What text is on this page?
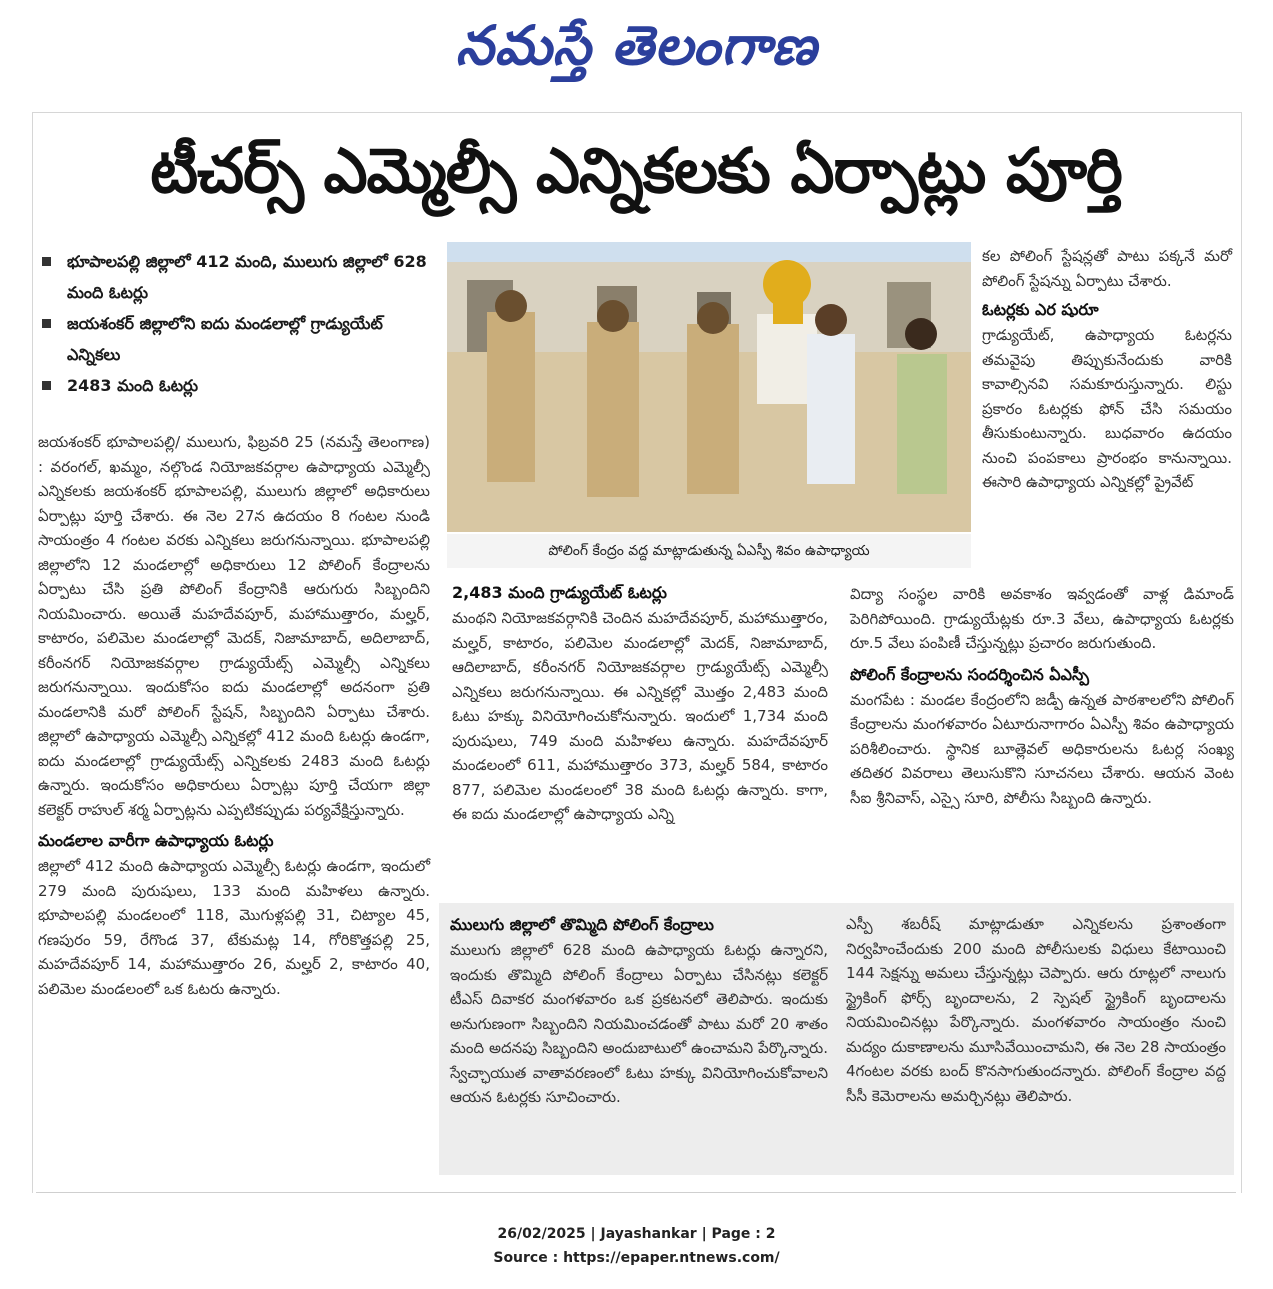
నమస్తే తెలంగాణ
టీచర్స్ ఎమ్మెల్సీ ఎన్నికలకు ఏర్పాట్లు పూర్తి
భూపాలపల్లి జిల్లాలో 412 మంది, ములుగు జిల్లాలో 628 మంది ఓటర్లు
జయశంకర్ జిల్లాలోని ఐదు మండలాల్లో గ్రాడ్యుయేట్ ఎన్నికలు
2483 మంది ఓటర్లు

జయశంకర్ భూపాలపల్లి/ ములుగు, ఫిబ్రవరి 25 (నమస్తే తెలంగాణ) : వరంగల్, ఖమ్మం, నల్గొండ నియోజకవర్గాల ఉపాధ్యాయ ఎమ్మెల్సీ ఎన్నికలకు జయశంకర్ భూపాలపల్లి, ములుగు జిల్లాలో అధికారులు ఏర్పాట్లు పూర్తి చేశారు. ఈ నెల 27న ఉదయం 8 గంటల నుండి సాయంత్రం 4 గంటల వరకు ఎన్నికలు జరుగనున్నాయి. భూపాలపల్లి జిల్లాలోని 12 మండలాల్లో అధికారులు 12 పోలింగ్ కేంద్రాలను ఏర్పాటు చేసి ప్రతి పోలింగ్ కేంద్రానికి ఆరుగురు సిబ్బందిని నియమించారు. అయితే మహదేవపూర్, మహాముత్తారం, మల్హర్, కాటారం, పలిమెల మండలాల్లో మెదక్, నిజామాబాద్, అదిలాబాద్, కరీంనగర్ నియోజకవర్గాల గ్రాడ్యుయేట్స్ ఎమ్మెల్సీ ఎన్నికలు జరుగనున్నాయి. ఇందుకోసం ఐదు మండలాల్లో అదనంగా ప్రతి మండలానికి మరో పోలింగ్ స్టేషన్, సిబ్బందిని ఏర్పాటు చేశారు. జిల్లాలో ఉపాధ్యాయ ఎమ్మెల్సీ ఎన్నికల్లో 412 మంది ఓటర్లు ఉండగా, ఐదు మండలాల్లో గ్రాడ్యుయేట్స్ ఎన్నికలకు 2483 మంది ఓటర్లు ఉన్నారు. ఇందుకోసం అధికారులు ఏర్పాట్లు పూర్తి చేయగా జిల్లా కలెక్టర్ రాహుల్ శర్మ ఏర్పాట్లను ఎప్పటికప్పుడు పర్యవేక్షిస్తున్నారు.

మండలాల వారీగా ఉపాధ్యాయ ఓటర్లు

జిల్లాలో 412 మంది ఉపాధ్యాయ ఎమ్మెల్సీ ఓటర్లు ఉండగా, ఇందులో 279 మంది పురుషులు, 133 మంది మహిళలు ఉన్నారు. భూపాలపల్లి మండలంలో 118, మొగుళ్లపల్లి 31, చిట్యాల 45, గణపురం 59, రేగొండ 37, టేకుమట్ల 14, గోరికొత్తపల్లి 25, మహదేవపూర్ 14, మహాముత్తారం 26, మల్హర్ 2, కాటారం 40, పలిమెల మండలంలో ఒక ఓటరు ఉన్నారు.

పోలింగ్ కేంద్రం వద్ద మాట్లాడుతున్న ఏఎస్పీ శివం ఉపాధ్యాయ
2,483 మంది గ్రాడ్యుయేట్ ఓటర్లు

మంథని నియోజకవర్గానికి చెందిన మహదేవపూర్, మహాముత్తారం, మల్హర్, కాటారం, పలిమెల మండలాల్లో మెదక్, నిజామాబాద్, ఆదిలాబాద్, కరీంనగర్ నియోజకవర్గాల గ్రాడ్యుయేట్స్ ఎమ్మెల్సీ ఎన్నికలు జరుగనున్నాయి. ఈ ఎన్నికల్లో మొత్తం 2,483 మంది ఓటు హక్కు వినియోగించుకోనున్నారు. ఇందులో 1,734 మంది పురుషులు, 749 మంది మహిళలు ఉన్నారు. మహదేవపూర్ మండలంలో 611, మహాముత్తారం 373, మల్హర్ 584, కాటారం 877, పలిమెల మండలంలో 38 మంది ఓటర్లు ఉన్నారు. కాగా, ఈ ఐదు మండలాల్లో ఉపాధ్యాయ ఎన్ని

కల పోలింగ్ స్టేషన్లతో పాటు పక్కనే మరో పోలింగ్ స్టేషన్ను ఏర్పాటు చేశారు.

ఓటర్లకు ఎర షురూ

గ్రాడ్యుయేట్, ఉపాధ్యాయ ఓటర్లను తమవైపు తిప్పుకునేందుకు వారికి కావాల్సినవి సమకూరుస్తున్నారు. లిస్టు ప్రకారం ఓటర్లకు ఫోన్ చేసి సమయం తీసుకుంటున్నారు. బుధవారం ఉదయం నుంచి పంపకాలు ప్రారంభం కానున్నాయి. ఈసారి ఉపాధ్యాయ ఎన్నికల్లో ప్రైవేట్

విద్యా సంస్థల వారికి అవకాశం ఇవ్వడంతో వాళ్ల డిమాండ్ పెరిగిపోయింది. గ్రాడ్యుయేట్లకు రూ.3 వేలు, ఉపాధ్యాయ ఓటర్లకు రూ.5 వేలు పంపిణీ చేస్తున్నట్లు ప్రచారం జరుగుతుంది.

పోలింగ్ కేంద్రాలను సందర్శించిన ఏఎస్పీ

మంగపేట : మండల కేంద్రంలోని జడ్పీ ఉన్నత పాఠశాలలోని పోలింగ్ కేంద్రాలను మంగళవారం ఏటూరునాగారం ఏఎస్పీ శివం ఉపాధ్యాయ పరిశీలించారు. స్థానిక బూత్లెవల్ అధికారులను ఓటర్ల సంఖ్య తదితర వివరాలు తెలుసుకొని సూచనలు చేశారు. ఆయన వెంట సీఐ శ్రీనివాస్, ఎస్సై సూరి, పోలీసు సిబ్బంది ఉన్నారు.

ములుగు జిల్లాలో తొమ్మిది పోలింగ్ కేంద్రాలు

ములుగు జిల్లాలో 628 మంది ఉపాధ్యాయ ఓటర్లు ఉన్నారని, ఇందుకు తొమ్మిది పోలింగ్ కేంద్రాలు ఏర్పాటు చేసినట్లు కలెక్టర్ టీఎస్ దివాకర మంగళవారం ఒక ప్రకటనలో తెలిపారు. ఇందుకు అనుగుణంగా సిబ్బందిని నియమించడంతో పాటు మరో 20 శాతం మంది అదనపు సిబ్బందిని అందుబాటులో ఉంచామని పేర్కొన్నారు. స్వేచ్ఛాయుత వాతావరణంలో ఓటు హక్కు వినియోగించుకోవాలని ఆయన ఓటర్లకు సూచించారు.

ఎస్పీ శబరీష్ మాట్లాడుతూ ఎన్నికలను ప్రశాంతంగా నిర్వహించేందుకు 200 మంది పోలీసులకు విధులు కేటాయించి 144 సెక్షన్ను అమలు చేస్తున్నట్లు చెప్పారు. ఆరు రూట్లలో నాలుగు స్ట్రైకింగ్ ఫోర్స్ బృందాలను, 2 స్పెషల్ స్ట్రైకింగ్ బృందాలను నియమించినట్లు పేర్కొన్నారు. మంగళవారం సాయంత్రం నుంచి మద్యం దుకాణాలను మూసివేయించామని, ఈ నెల 28 సాయంత్రం 4గంటల వరకు బంద్ కొనసాగుతుందన్నారు. పోలింగ్ కేంద్రాల వద్ద సీసీ కెమెరాలను అమర్చినట్లు తెలిపారు.

26/02/2025 | Jayashankar | Page : 2
Source : https://epaper.ntnews.com/
